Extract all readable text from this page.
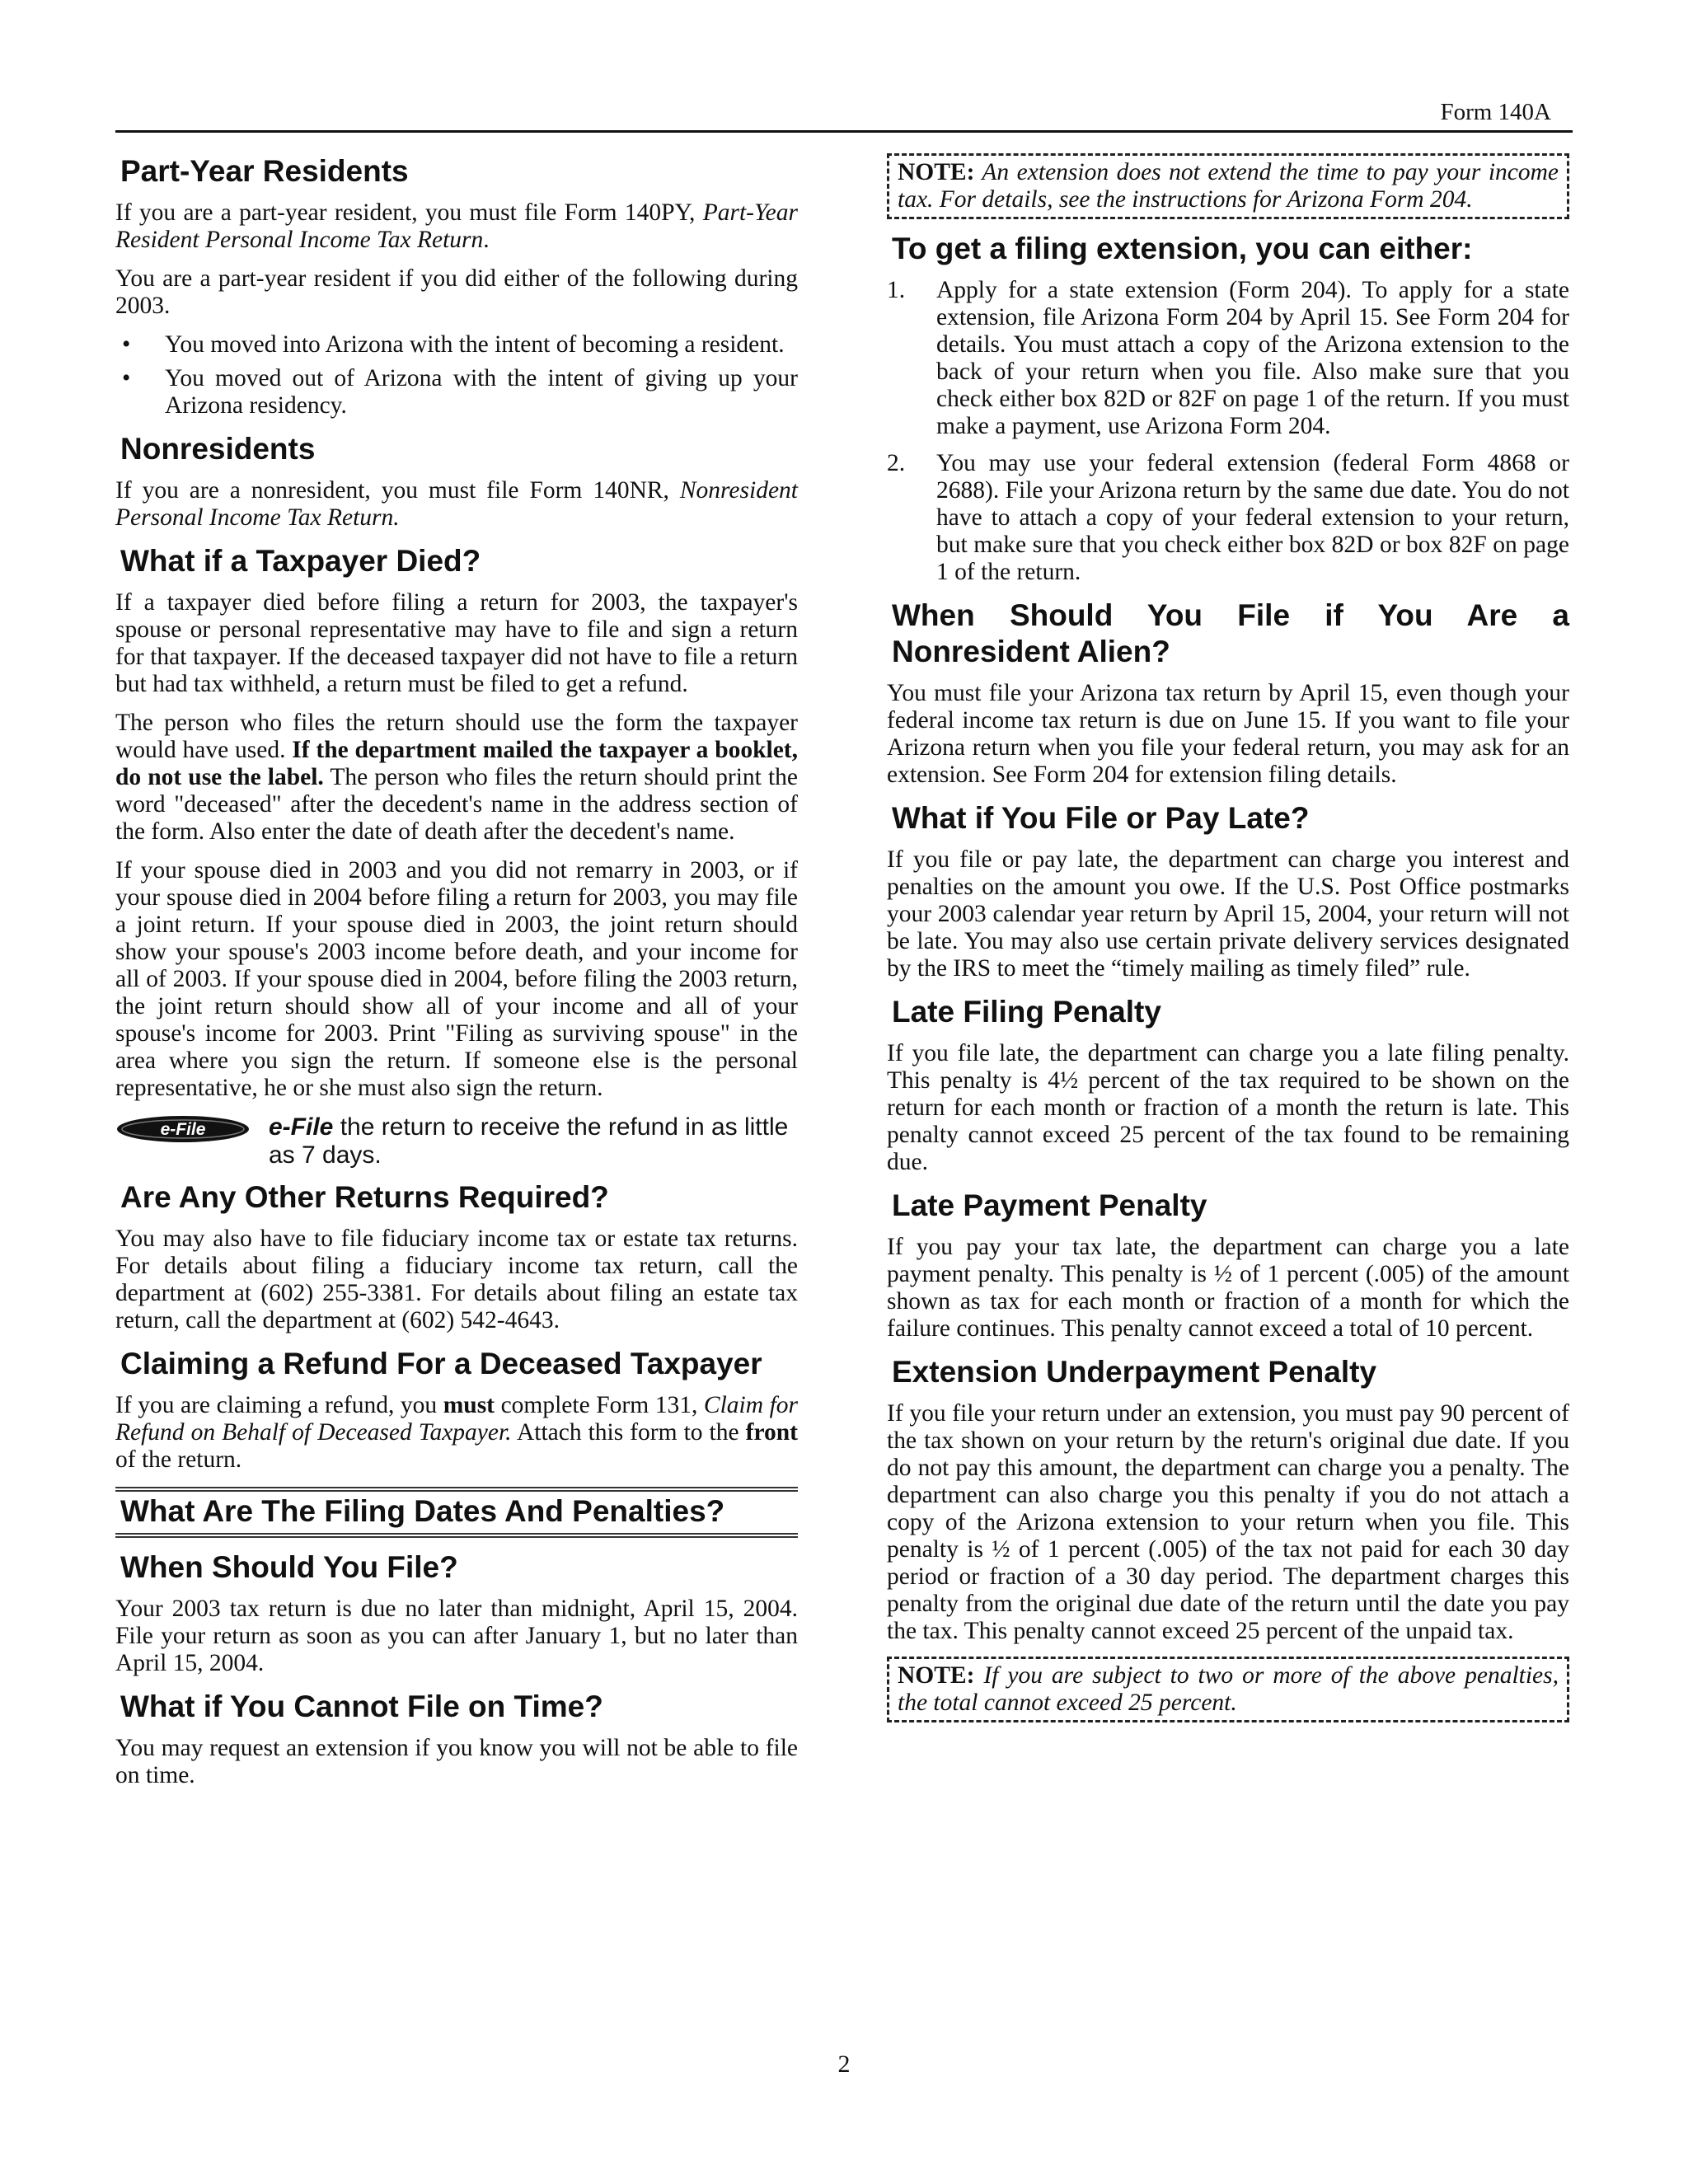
Form 140A
Part-Year Residents

If you are a part-year resident, you must file Form 140PY, Part-Year Resident Personal Income Tax Return.

You are a part-year resident if you did either of the following during 2003.

• You moved into Arizona with the intent of becoming a resident.
• You moved out of Arizona with the intent of giving up your Arizona residency.
Nonresidents

If you are a nonresident, you must file Form 140NR, Nonresident Personal Income Tax Return.

What if a Taxpayer Died?

If a taxpayer died before filing a return for 2003, the taxpayer's spouse or personal representative may have to file and sign a return for that taxpayer. If the deceased taxpayer did not have to file a return but had tax withheld, a return must be filed to get a refund.

The person who files the return should use the form the taxpayer would have used. If the department mailed the taxpayer a booklet, do not use the label. The person who files the return should print the word "deceased" after the decedent's name in the address section of the form. Also enter the date of death after the decedent's name.

If your spouse died in 2003 and you did not remarry in 2003, or if your spouse died in 2004 before filing a return for 2003, you may file a joint return. If your spouse died in 2003, the joint return should show your spouse's 2003 income before death, and your income for all of 2003. If your spouse died in 2004, before filing the 2003 return, the joint return should show all of your income and all of your spouse's income for 2003. Print "Filing as surviving spouse" in the area where you sign the return. If someone else is the personal representative, he or she must also sign the return.

e-File	e-File the return to receive the refund in as little as 7 days.
Are Any Other Returns Required?

You may also have to file fiduciary income tax or estate tax returns. For details about filing a fiduciary income tax return, call the department at (602) 255-3381. For details about filing an estate tax return, call the department at (602) 542-4643.

Claiming a Refund For a Deceased Taxpayer

If you are claiming a refund, you must complete Form 131, Claim for Refund on Behalf of Deceased Taxpayer. Attach this form to the front of the return.

What Are The Filing Dates And Penalties?
When Should You File?

Your 2003 tax return is due no later than midnight, April 15, 2004. File your return as soon as you can after January 1, but no later than April 15, 2004.

What if You Cannot File on Time?

You may request an extension if you know you will not be able to file on time.

NOTE: An extension does not extend the time to pay your income tax. For details, see the instructions for Arizona Form 204.
To get a filing extension, you can either:
1. Apply for a state extension (Form 204). To apply for a state extension, file Arizona Form 204 by April 15. See Form 204 for details. You must attach a copy of the Arizona extension to the back of your return when you file. Also make sure that you check either box 82D or 82F on page 1 of the return. If you must make a payment, use Arizona Form 204.
2. You may use your federal extension (federal Form 4868 or 2688). File your Arizona return by the same due date. You do not have to attach a copy of your federal extension to your return, but make sure that you check either box 82D or box 82F on page 1 of the return.
When Should You File if You Are a Nonresident Alien?

You must file your Arizona tax return by April 15, even though your federal income tax return is due on June 15. If you want to file your Arizona return when you file your federal return, you may ask for an extension. See Form 204 for extension filing details.

What if You File or Pay Late?

If you file or pay late, the department can charge you interest and penalties on the amount you owe. If the U.S. Post Office postmarks your 2003 calendar year return by April 15, 2004, your return will not be late. You may also use certain private delivery services designated by the IRS to meet the “timely mailing as timely filed” rule.

Late Filing Penalty

If you file late, the department can charge you a late filing penalty. This penalty is 4½ percent of the tax required to be shown on the return for each month or fraction of a month the return is late. This penalty cannot exceed 25 percent of the tax found to be remaining due.

Late Payment Penalty

If you pay your tax late, the department can charge you a late payment penalty. This penalty is ½ of 1 percent (.005) of the amount shown as tax for each month or fraction of a month for which the failure continues. This penalty cannot exceed a total of 10 percent.

Extension Underpayment Penalty

If you file your return under an extension, you must pay 90 percent of the tax shown on your return by the return's original due date. If you do not pay this amount, the department can charge you a penalty. The department can also charge you this penalty if you do not attach a copy of the Arizona extension to your return when you file. This penalty is ½ of 1 percent (.005) of the tax not paid for each 30 day period or fraction of a 30 day period. The department charges this penalty from the original due date of the return until the date you pay the tax. This penalty cannot exceed 25 percent of the unpaid tax.

NOTE: If you are subject to two or more of the above penalties, the total cannot exceed 25 percent.
2
